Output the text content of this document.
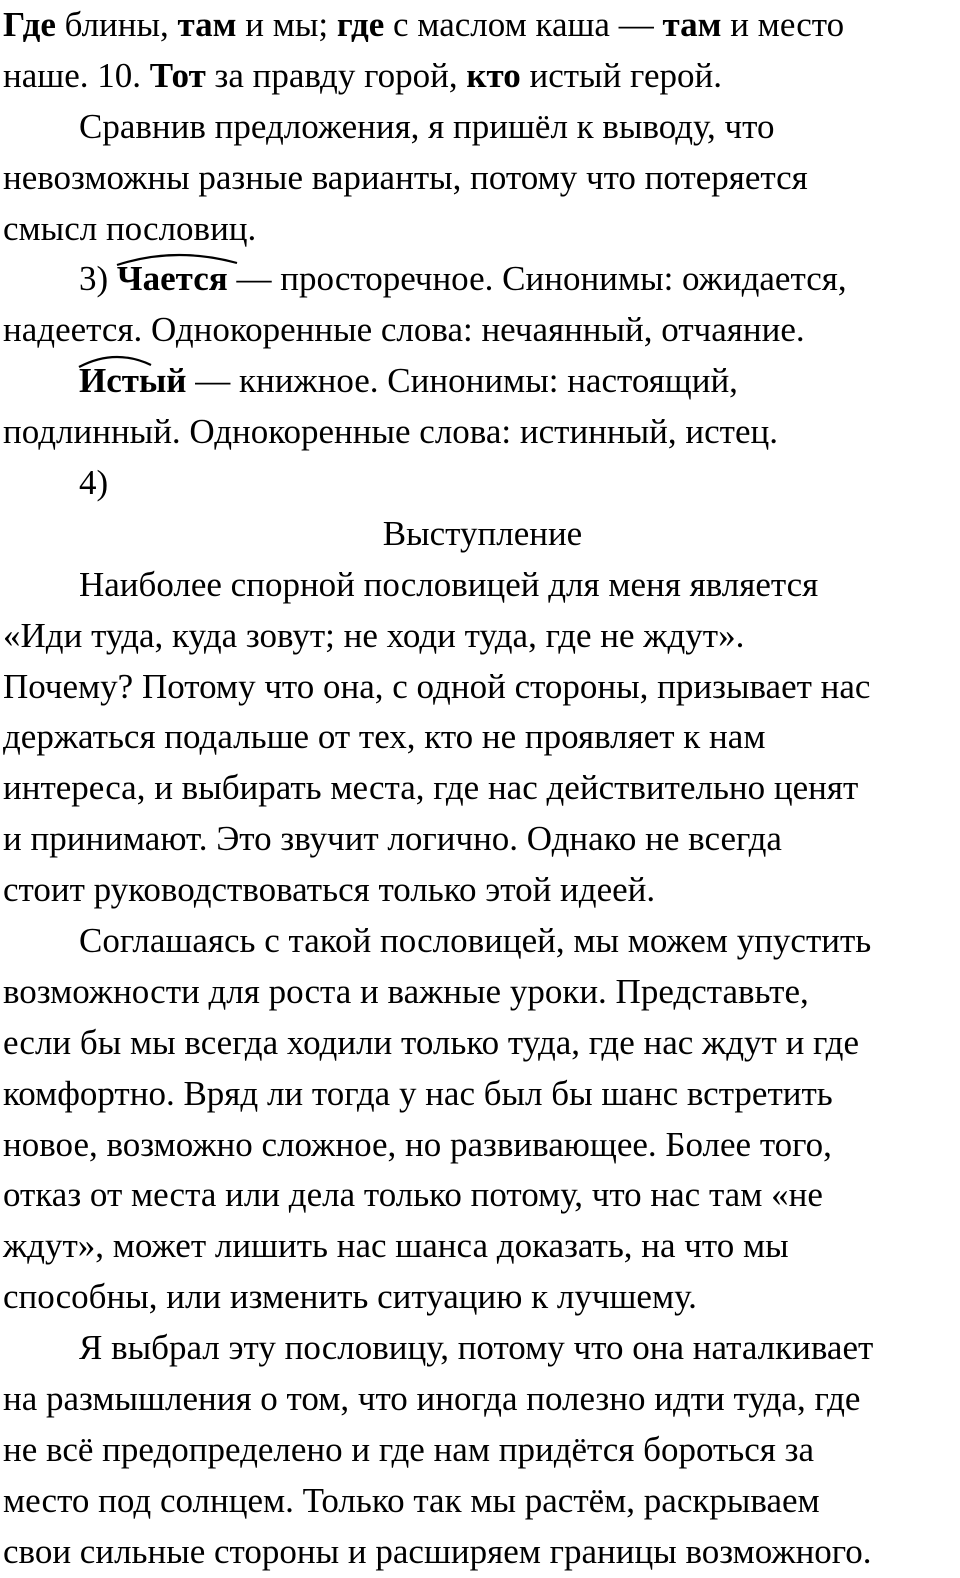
Где блины, там и мы; где с маслом каша — там и место
наше. 10. Тот за правду горой, кто истый герой.
Сравнив предложения, я пришёл к выводу, что
невозможны разные варианты, потому что потеряется
смысл пословиц.
3)
Чается — просторечное. Синонимы: ожидается,
надеется. Однокоренные слова: нечаянный, отчаяние.
Истый — книжное. Синонимы: настоящий,
подлинный. Однокоренные слова: истинный, истец.
4)
Выступление
Наиболее спорной пословицей для меня является
«Иди туда, куда зовут; не ходи туда, где не ждут».
Почему? Потому что она, с одной стороны, призывает нас
держаться подальше от тех, кто не проявляет к нам
интереса, и выбирать места, где нас действительно ценят
и принимают. Это звучит логично. Однако не всегда
стоит руководствоваться только этой идеей.
Соглашаясь с такой пословицей, мы можем упустить
возможности для роста и важные уроки. Представьте,
если бы мы всегда ходили только туда, где нас ждут и где
комфортно. Вряд ли тогда у нас был бы шанс встретить
новое, возможно сложное, но развивающее. Более того,
отказ от места или дела только потому, что нас там «не
ждут», может лишить нас шанса доказать, на что мы
способны, или изменить ситуацию к лучшему.
Я выбрал эту пословицу, потому что она наталкивает
на размышления о том, что иногда полезно идти туда, где
не всё предопределено и где нам придётся бороться за
место под солнцем. Только так мы растём, раскрываем
свои сильные стороны и расширяем границы возможного.
